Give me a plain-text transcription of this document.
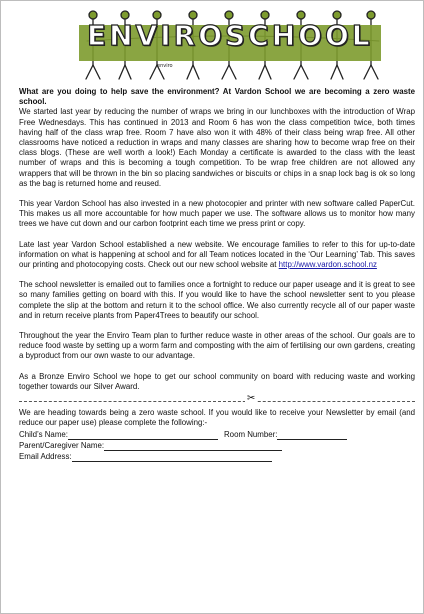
enviro
ENVIROSCHOOL

What are you doing to help save the environment? At Vardon School we are becoming a zero waste school.

We started last year by reducing the number of wraps we bring in our lunchboxes with the introduction of Wrap Free Wednesdays. This has continued in 2013 and Room 6 has won the class competition twice, both times having half of the class wrap free. Room 7 have also won it with 48% of their class being wrap free. All other classrooms have noticed a reduction in wraps and many classes are sharing how to become wrap free on their class blogs. (These are well worth a look!) Each Monday a certificate is awarded to the class with the least number of wraps and this is becoming a tough competition. To be wrap free children are not allowed any wrappers that will be thrown in the bin so placing sandwiches or biscuits or chips in a snap lock bag is ok so long as the bag is returned home and reused.

This year Vardon School has also invested in a new photocopier and printer with new software called PaperCut. This makes us all more accountable for how much paper we use. The software allows us to monitor how many trees we have cut down and our carbon footprint each time we press print or copy.

Late last year Vardon School established a new website. We encourage families to refer to this for up-to-date information on what is happening at school and for all Team notices located in the ‘Our Learning’ Tab. This saves our printing and photocopying costs. Check out our new school website at http://www.vardon.school.nz

The school newsletter is emailed out to families once a fortnight to reduce our paper useage and it is great to see so many families getting on board with this. If you would like to have the school newsletter sent to you please complete the slip at the bottom and return it to the school office. We also currently recycle all of our paper waste and in return receive plants from Paper4Trees to beautify our school.

Throughout the year the Enviro Team plan to further reduce waste in other areas of the school. Our goals are to reduce food waste by setting up a worm farm and composting with the aim of fertilising our own gardens, creating a byproduct from our own waste to our advantage.

As a Bronze Enviro School we hope to get our school community on board with reducing waste and working together towards our Silver Award.

✂

We are heading towards being a zero waste school. If you would like to receive your Newsletter by email (and reduce our paper use) please complete the following:-

Child’s Name:	Room Number:
Parent/Caregiver Name:
Email Address:
